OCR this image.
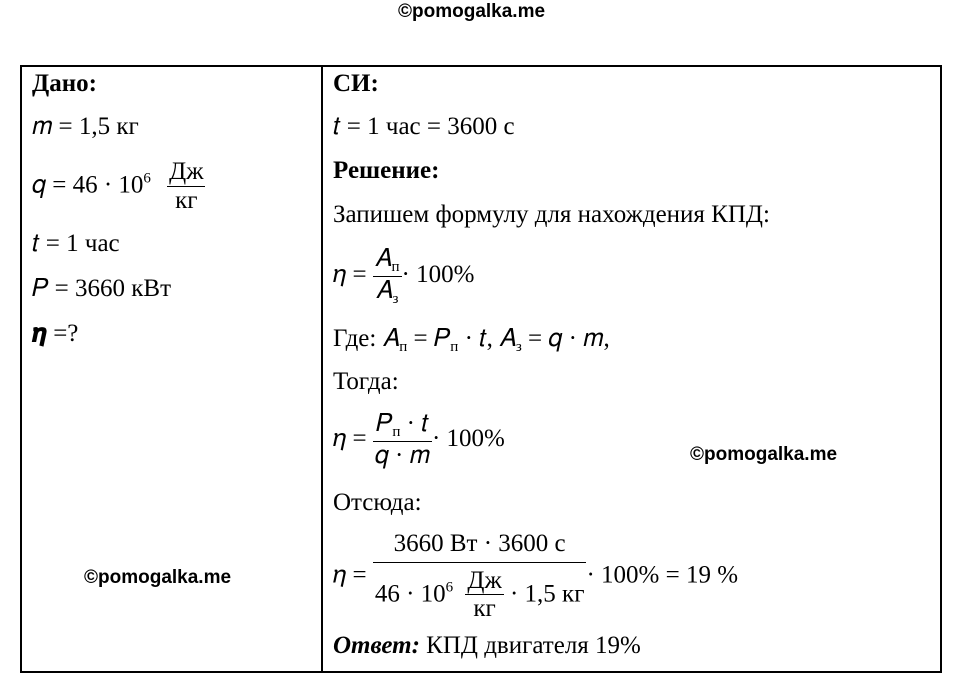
©pomogalka.me
©pomogalka.me
©pomogalka.me
Дано:
𝑚 = 1,5 кг
𝑞 = $46 \cdot 10^6 \frac{Дж}{кг}$
𝑡 = 1 час
𝑃 = 3660 кВт
𝜼 =?
СИ:
𝑡 = 1 час = 3600 с
Решение:
Запишем формулу для нахождения КПД:
𝜂 = $\frac{𝐴_п}{𝐴_з} \cdot 100\%$
Где: 𝐴$_п$ = 𝑃$_п$ · 𝑡, 𝐴$_з$ = 𝑞 · 𝑚,
Тогда:
𝜂 = $\frac{𝑃_п \cdot 𝑡}{\text{𝑞 · 𝑚}} \cdot 100\%$
Отсюда:
𝜂 = $\frac{3660 Вт \cdot 3600 с}{46 \cdot 10^6 \frac{Дж}{кг} \cdot 1,5 кг} \cdot 100\% = 19$ %
Ответ: КПД двигателя 19%
